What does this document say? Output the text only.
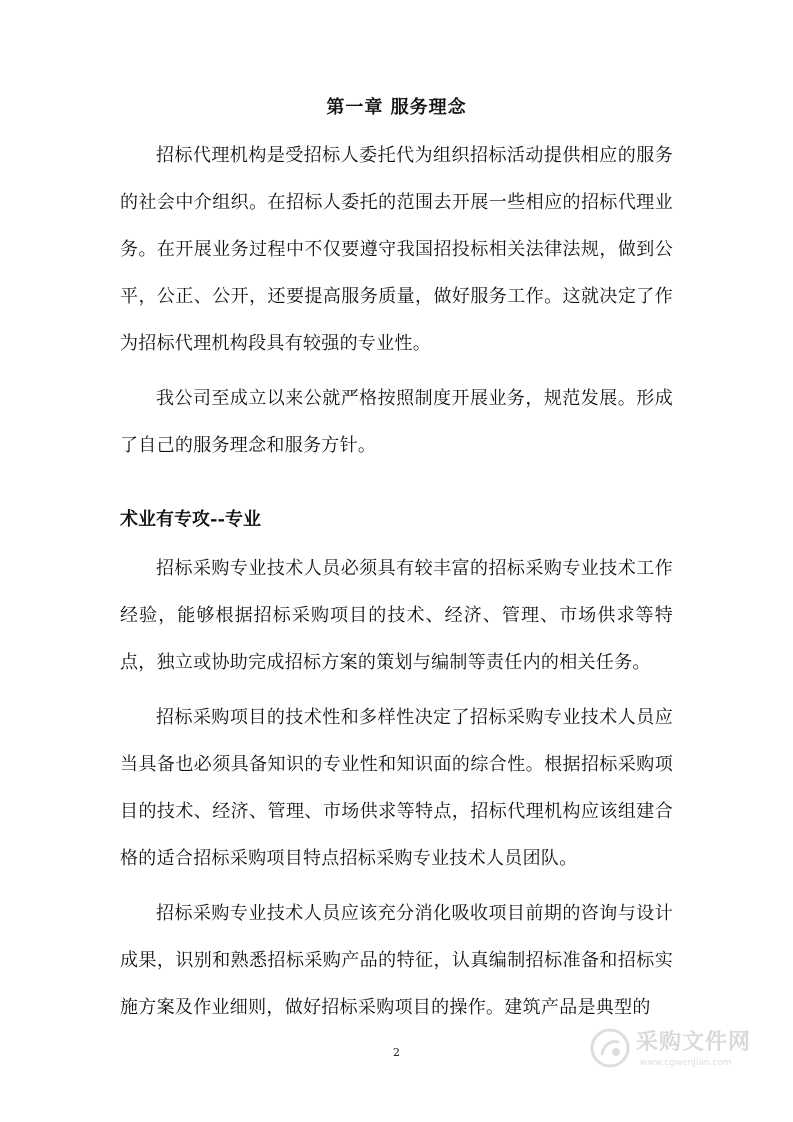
第一章 服务理念

招标代理机构是受招标人委托代为组织招标活动提供相应的服务的社会中介组织。在招标人委托的范围去开展一些相应的招标代理业务。在开展业务过程中不仅要遵守我国招投标相关法律法规，做到公平，公正、公开，还要提高服务质量，做好服务工作。这就决定了作为招标代理机构段具有较强的专业性。

我公司至成立以来公就严格按照制度开展业务，规范发展。形成了自己的服务理念和服务方针。

术业有专攻--专业

招标采购专业技术人员必须具有较丰富的招标采购专业技术工作经验，能够根据招标采购项目的技术、经济、管理、市场供求等特点，独立或协助完成招标方案的策划与编制等责任内的相关任务。

招标采购项目的技术性和多样性决定了招标采购专业技术人员应当具备也必须具备知识的专业性和知识面的综合性。根据招标采购项目的技术、经济、管理、市场供求等特点，招标代理机构应该组建合格的适合招标采购项目特点招标采购专业技术人员团队。

招标采购专业技术人员应该充分消化吸收项目前期的咨询与设计成果，识别和熟悉招标采购产品的特征，认真编制招标准备和招标实施方案及作业细则，做好招标采购项目的操作。建筑产品是典型的

2	采购文件网
www.cgwenjian.com
